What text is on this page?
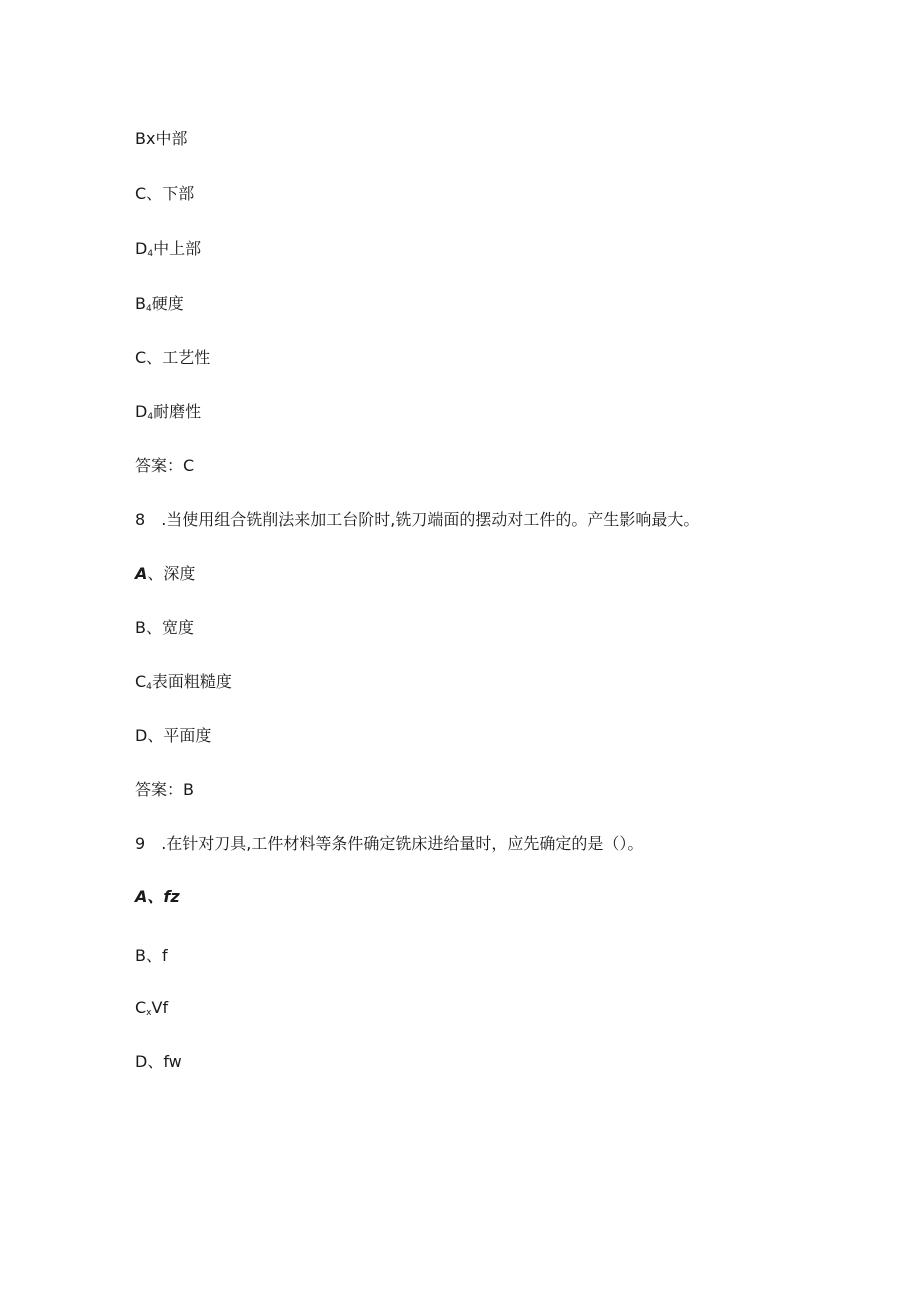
Bx中部
C、下部
$D_4$中上部
$B_4$硬度
C、工艺性
$D_4$耐磨性
答案：C
8　.当使用组合铣削法来加工台阶时,铣刀端面的摆动对工件的。产生影响最大。
A、深度
B、宽度
$C_4$表面粗糙度
D、平面度
答案：B
9　.在针对刀具,工件材料等条件确定铣床进给量时，应先确定的是（）。
A、fz
B、f
$C_xVf$
D、fw
